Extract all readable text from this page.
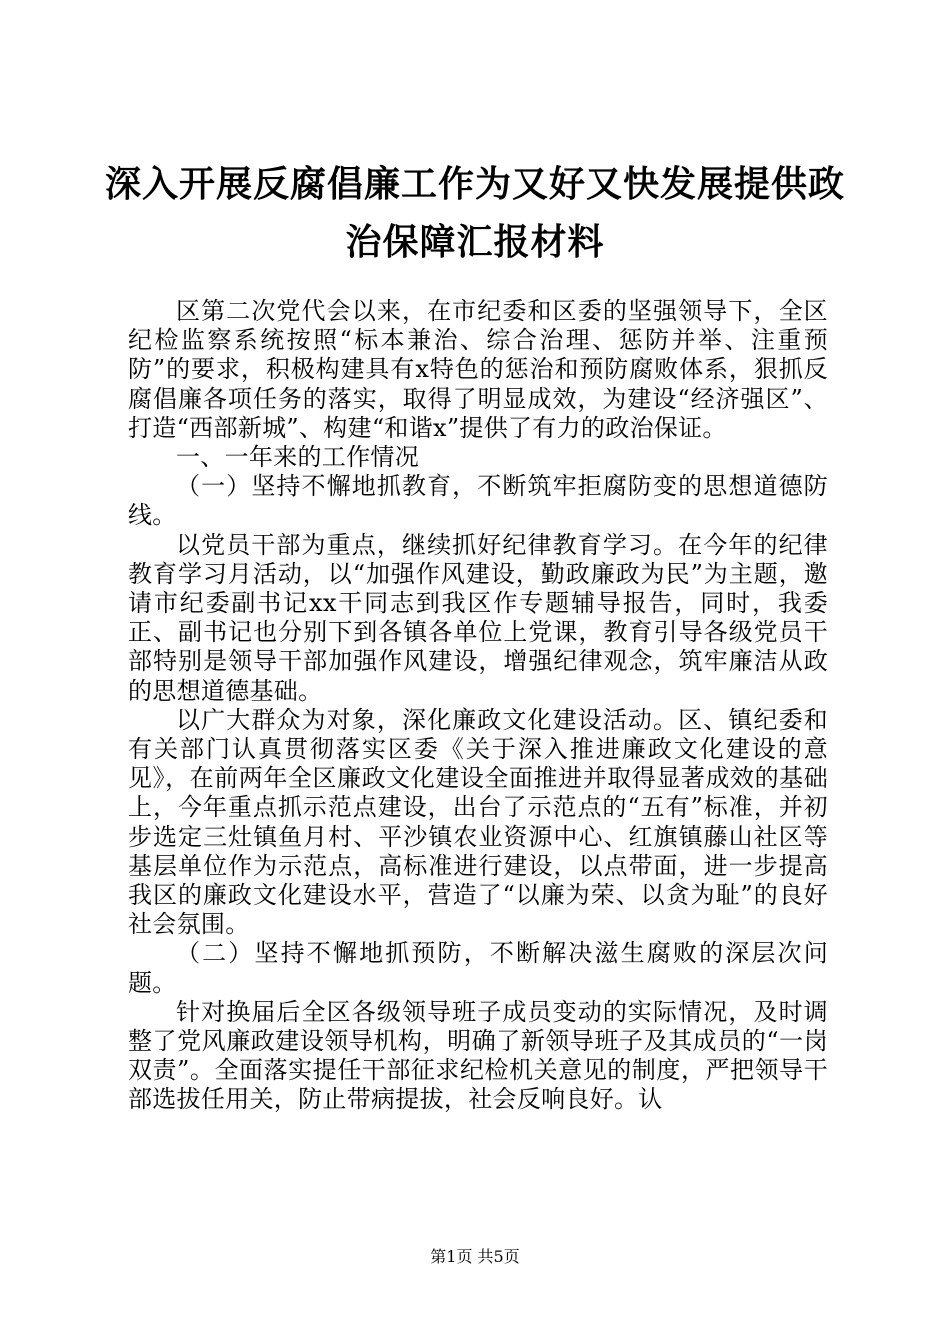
深入开展反腐倡廉工作为又好又快发展提供政
治保障汇报材料

区第二次党代会以来，在市纪委和区委的坚强领导下，全区纪检监察系统按照“标本兼治、综合治理、惩防并举、注重预防”的要求，积极构建具有x特色的惩治和预防腐败体系，狠抓反腐倡廉各项任务的落实，取得了明显成效，为建设“经济强区”、打造“西部新城”、构建“和谐x”提供了有力的政治保证。

一、一年来的工作情况

（一）坚持不懈地抓教育，不断筑牢拒腐防变的思想道德防线。

以党员干部为重点，继续抓好纪律教育学习。在今年的纪律教育学习月活动，以“加强作风建设，勤政廉政为民”为主题，邀请市纪委副书记xx干同志到我区作专题辅导报告，同时，我委正、副书记也分别下到各镇各单位上党课，教育引导各级党员干部特别是领导干部加强作风建设，增强纪律观念，筑牢廉洁从政的思想道德基础。

以广大群众为对象，深化廉政文化建设活动。区、镇纪委和有关部门认真贯彻落实区委《关于深入推进廉政文化建设的意见》，在前两年全区廉政文化建设全面推进并取得显著成效的基础上，今年重点抓示范点建设，出台了示范点的“五有”标准，并初步选定三灶镇鱼月村、平沙镇农业资源中心、红旗镇藤山社区等基层单位作为示范点，高标准进行建设，以点带面，进一步提高我区的廉政文化建设水平，营造了“以廉为荣、以贪为耻”的良好社会氛围。

（二）坚持不懈地抓预防，不断解决滋生腐败的深层次问题。

针对换届后全区各级领导班子成员变动的实际情况，及时调整了党风廉政建设领导机构，明确了新领导班子及其成员的“一岗双责”。全面落实提任干部征求纪检机关意见的制度，严把领导干部选拔任用关，防止带病提拔，社会反响良好。认

第1页 共5页
